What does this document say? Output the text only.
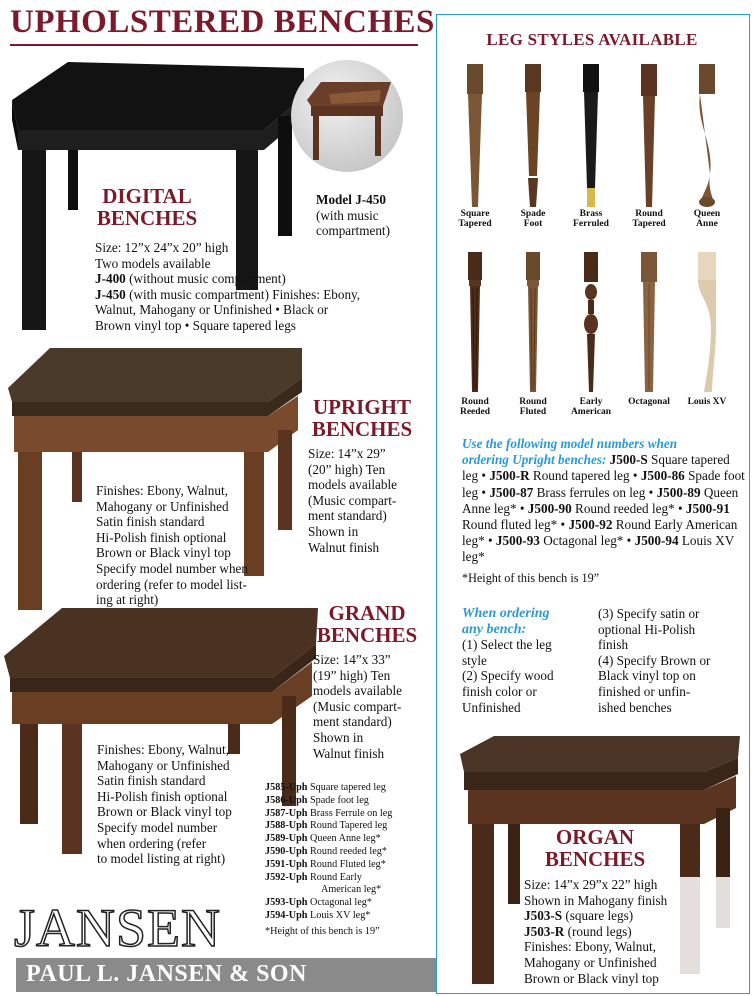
UPHOLSTERED BENCHES	LEG STYLES AVAILABLE
Square
Tapered
Spade
Foot
Brass
Ferruled
Round
Tapered
Queen
Anne
Round
Reeded
Round
Fluted
Early
American
Octagonal	Louis XV
Use the following model numbers when
ordering Upright benches: J500-S Square tapered leg • J500-R Round tapered leg • J500-86 Spade foot leg • J500-87 Brass ferrules on leg • J500-89 Queen Anne leg* • J500-90 Round reeded leg* • J500-91 Round fluted leg* • J500-92 Round Early American leg* • J500-93 Octagonal leg* • J500-94 Louis XV leg*
*Height of this bench is 19”
When ordering
any bench:
(1) Select the leg
style
(2) Specify wood
finish color or
Unfinished
(3) Specify satin or
optional Hi-Polish
finish
(4) Specify Brown or
Black vinyl top on
finished or unfin-
ished benches
ORGAN
BENCHES
Size: 14”x 29”x 22” high
Shown in Mahogany finish
J503-S (square legs)
J503-R (round legs)
Finishes: Ebony, Walnut,
Mahogany or Unfinished
Brown or Black vinyl top
DIGITAL
BENCHES
Model J-450
(with music
compartment)
Size: 12”x 24”x 20” high
Two models available
J-400 (without music compartment)
J-450 (with music compartment) Finishes: Ebony,
Walnut, Mahogany or Unfinished • Black or
Brown vinyl top • Square tapered legs
UPRIGHT
BENCHES
Size: 14”x 29”
(20” high) Ten
models available
(Music compart-
ment standard)
Shown in
Walnut finish
Finishes: Ebony, Walnut,
Mahogany or Unfinished
Satin finish standard
Hi-Polish finish optional
Brown or Black vinyl top
Specify model number when
ordering (refer to model list-
ing at right)
GRAND
BENCHES
Size: 14”x 33”
(19” high) Ten
models available
(Music compart-
ment standard)
Shown in
Walnut finish
Finishes: Ebony, Walnut,
Mahogany or Unfinished
Satin finish standard
Hi-Polish finish optional
Brown or Black vinyl top
Specify model number
when ordering (refer
to model listing at right)
J585-Uph Square tapered leg
J586-Uph Spade foot leg
J587-Uph Brass Ferrule on leg
J588-Uph Round Tapered leg
J589-Uph Queen Anne leg*
J590-Uph Round reeded leg*
J591-Uph Round Fluted leg*
J592-Uph Round Early
American leg*
J593-Uph Octagonal leg*
J594-Uph Louis XV leg*
*Height of this bench is 19”
JANSEN
PAUL L. JANSEN & SON
